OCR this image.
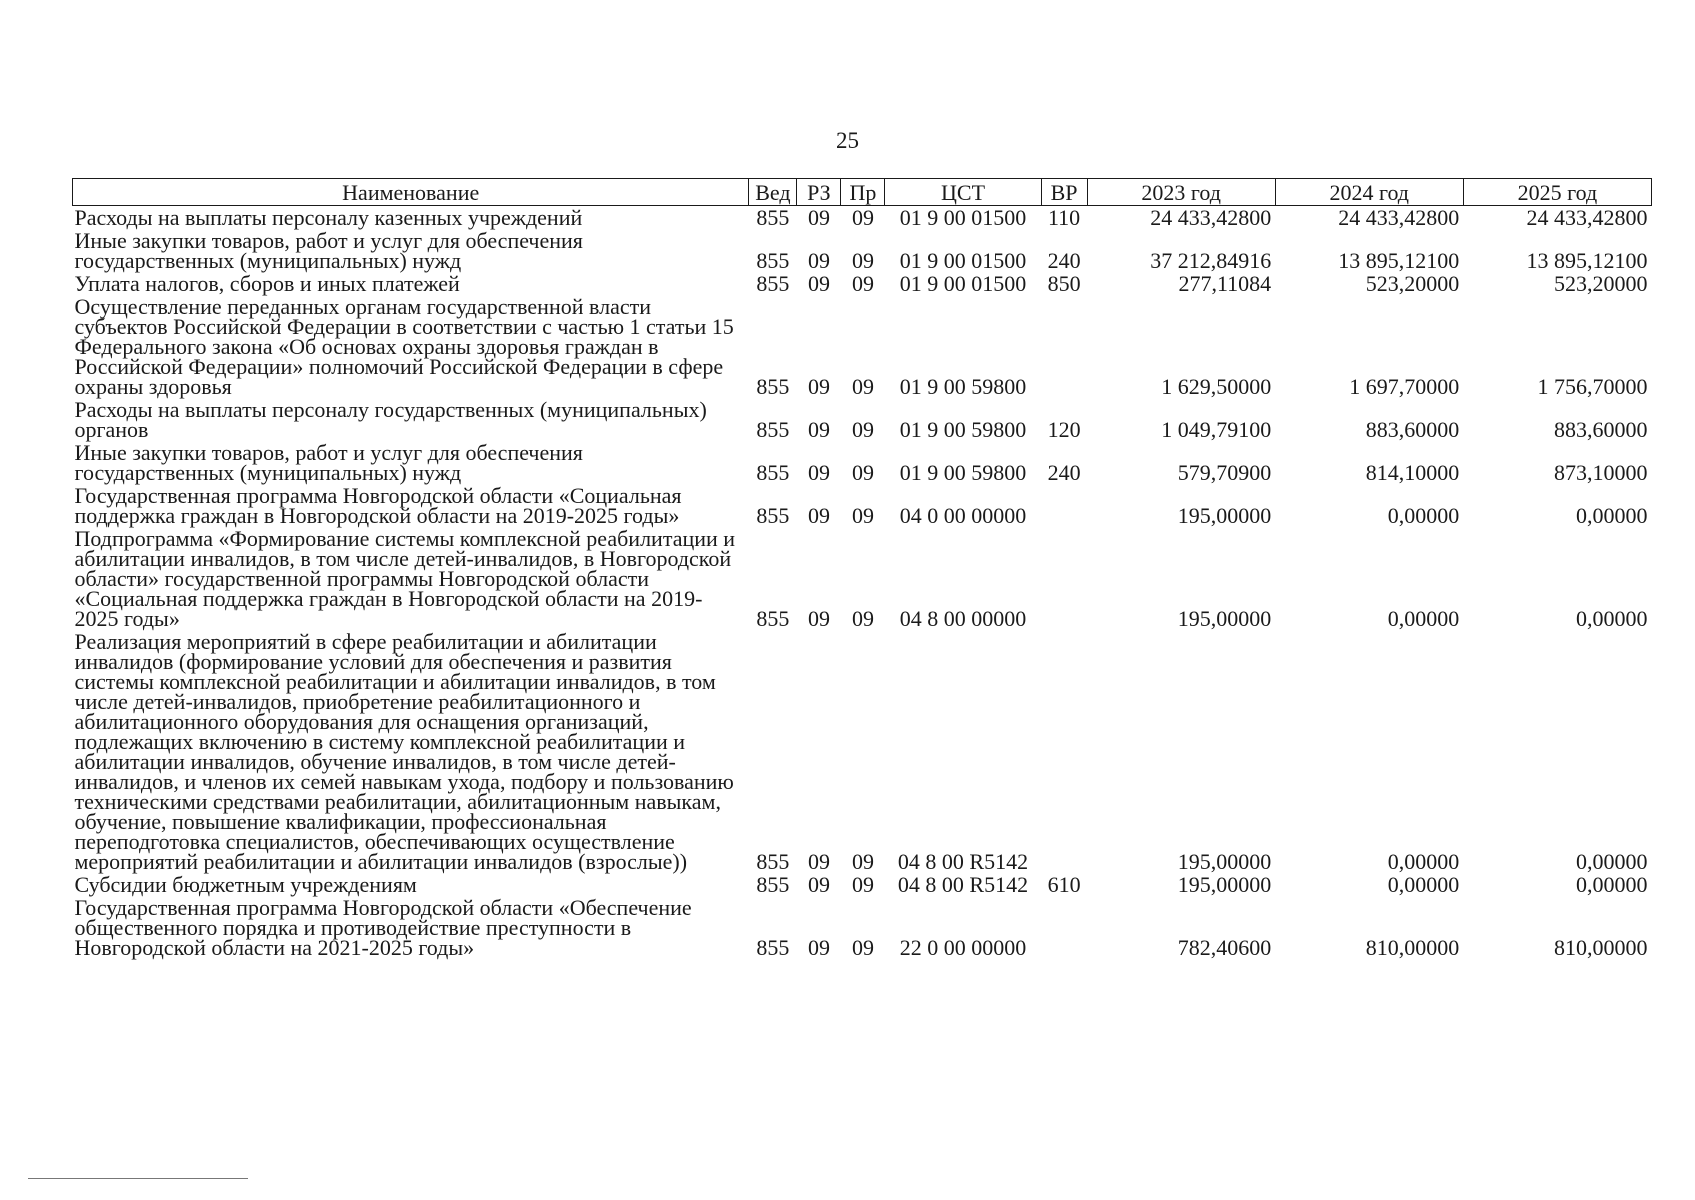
25
Наименование	Вед	РЗ	Пр	ЦСТ	ВР	2023 год	2024 год	2025 год
Расходы на выплаты персоналу казенных учреждений	855	09	09	01 9 00 01500	110	24 433,42800	24 433,42800	24 433,42800
Иные закупки товаров, работ и услуг для обеспечения государственных (муниципальных) нужд	855	09	09	01 9 00 01500	240	37 212,84916	13 895,12100	13 895,12100
Уплата налогов, сборов и иных платежей	855	09	09	01 9 00 01500	850	277,11084	523,20000	523,20000
Осуществление переданных органам государственной власти субъектов Российской Федерации в соответствии с частью 1 статьи 15 Федерального закона «Об основах охраны здоровья граждан в Российской Федерации» полномочий Российской Федерации в сфере охраны здоровья	855	09	09	01 9 00 59800		1 629,50000	1 697,70000	1 756,70000
Расходы на выплаты персоналу государственных (муниципальных) органов	855	09	09	01 9 00 59800	120	1 049,79100	883,60000	883,60000
Иные закупки товаров, работ и услуг для обеспечения государственных (муниципальных) нужд	855	09	09	01 9 00 59800	240	579,70900	814,10000	873,10000
Государственная программа Новгородской области «Социальная поддержка граждан в Новгородской области на 2019-2025 годы»	855	09	09	04 0 00 00000		195,00000	0,00000	0,00000
Подпрограмма «Формирование системы комплексной реабилитации и абилитации инвалидов, в том числе детей-инвалидов, в Новгородской области» государственной программы Новгородской области «Социальная поддержка граждан в Новгородской области на 2019-2025 годы»	855	09	09	04 8 00 00000		195,00000	0,00000	0,00000
Реализация мероприятий в сфере реабилитации и абилитации инвалидов (формирование условий для обеспечения и развития системы комплексной реабилитации и абилитации инвалидов, в том числе детей-инвалидов, приобретение реабилитационного и абилитационного оборудования для оснащения организаций, подлежащих включению в систему комплексной реабилитации и абилитации инвалидов, обучение инвалидов, в том числе детей-инвалидов, и членов их семей навыкам ухода, подбору и пользованию техническими средствами реабилитации, абилитационным навыкам, обучение, повышение квалификации, профессиональная переподготовка специалистов, обеспечивающих осуществление мероприятий реабилитации и абилитации инвалидов (взрослые))	855	09	09	04 8 00 R5142		195,00000	0,00000	0,00000
Субсидии бюджетным учреждениям	855	09	09	04 8 00 R5142	610	195,00000	0,00000	0,00000
Государственная программа Новгородской области «Обеспечение общественного порядка и противодействие преступности в Новгородской области на 2021-2025 годы»	855	09	09	22 0 00 00000		782,40600	810,00000	810,00000
